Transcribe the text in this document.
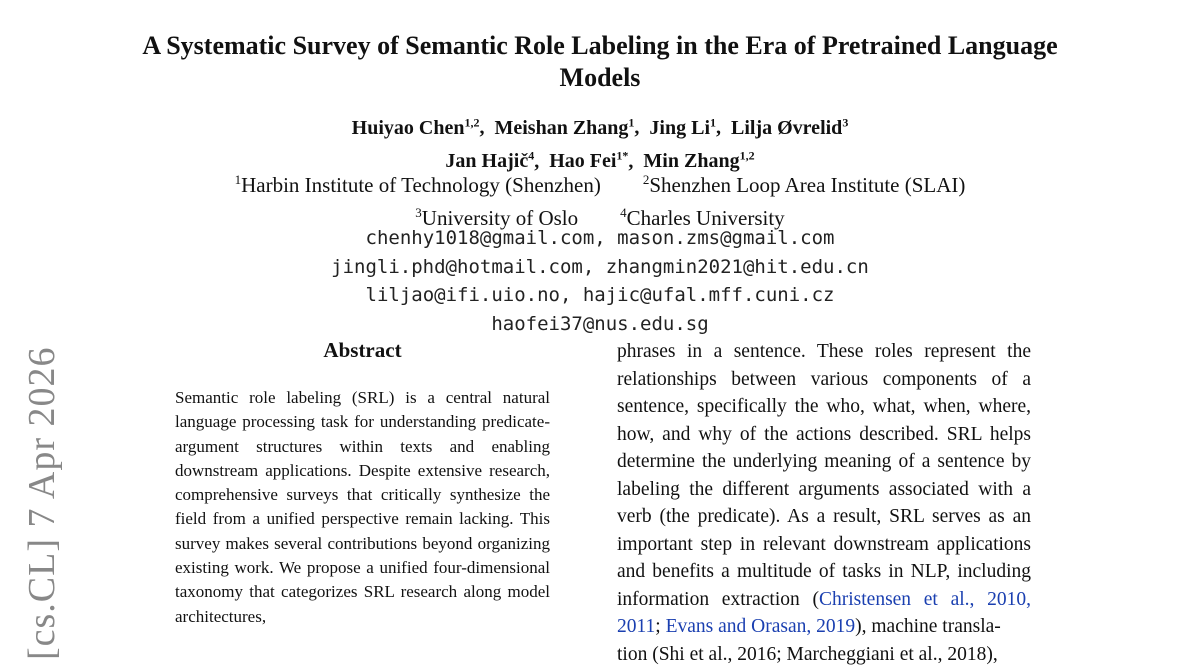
A Systematic Survey of Semantic Role Labeling in the Era of Pretrained Language Models
Huiyao Chen$^{1,2}$, Meishan Zhang$^1$, Jing Li$^1$, Lilja Øvrelid$^3$
Jan Hajič$^4$, Hao Fei$^{1*}$, Min Zhang$^{1,2}$
$^1$Harbin Institute of Technology (Shenzhen)  	$^2$Shenzhen Loop Area Institute (SLAI)
$^3$University of Oslo  	$^4$Charles University
chenhy1018@gmail.com, mason.zms@gmail.com
jingli.phd@hotmail.com, zhangmin2021@hit.edu.cn
liljao@ifi.uio.no, hajic@ufal.mff.cuni.cz
haofei37@nus.edu.sg
Abstract

Semantic role labeling (SRL) is a central natural language processing task for understanding predicate-argument structures within texts and enabling downstream applications. Despite extensive research, comprehensive surveys that critically synthesize the field from a unified perspective remain lacking. This survey makes several contributions beyond organizing existing work. We propose a unified four-dimensional taxonomy that categorizes SRL research along model architectures,

phrases in a sentence. These roles represent the relationships between various components of a sentence, specifically the who, what, when, where, how, and why of the actions described. SRL helps determine the underlying meaning of a sentence by labeling the different arguments associated with a verb (the predicate). As a result, SRL serves as an important step in relevant downstream applications and benefits a multitude of tasks in NLP, including information extraction (Christensen et al., 2010, 2011; Evans and Orasan, 2019), machine transla-
tion (Shi et al., 2016; Marcheggiani et al., 2018),
[cs.CL] 7 Apr 2026
